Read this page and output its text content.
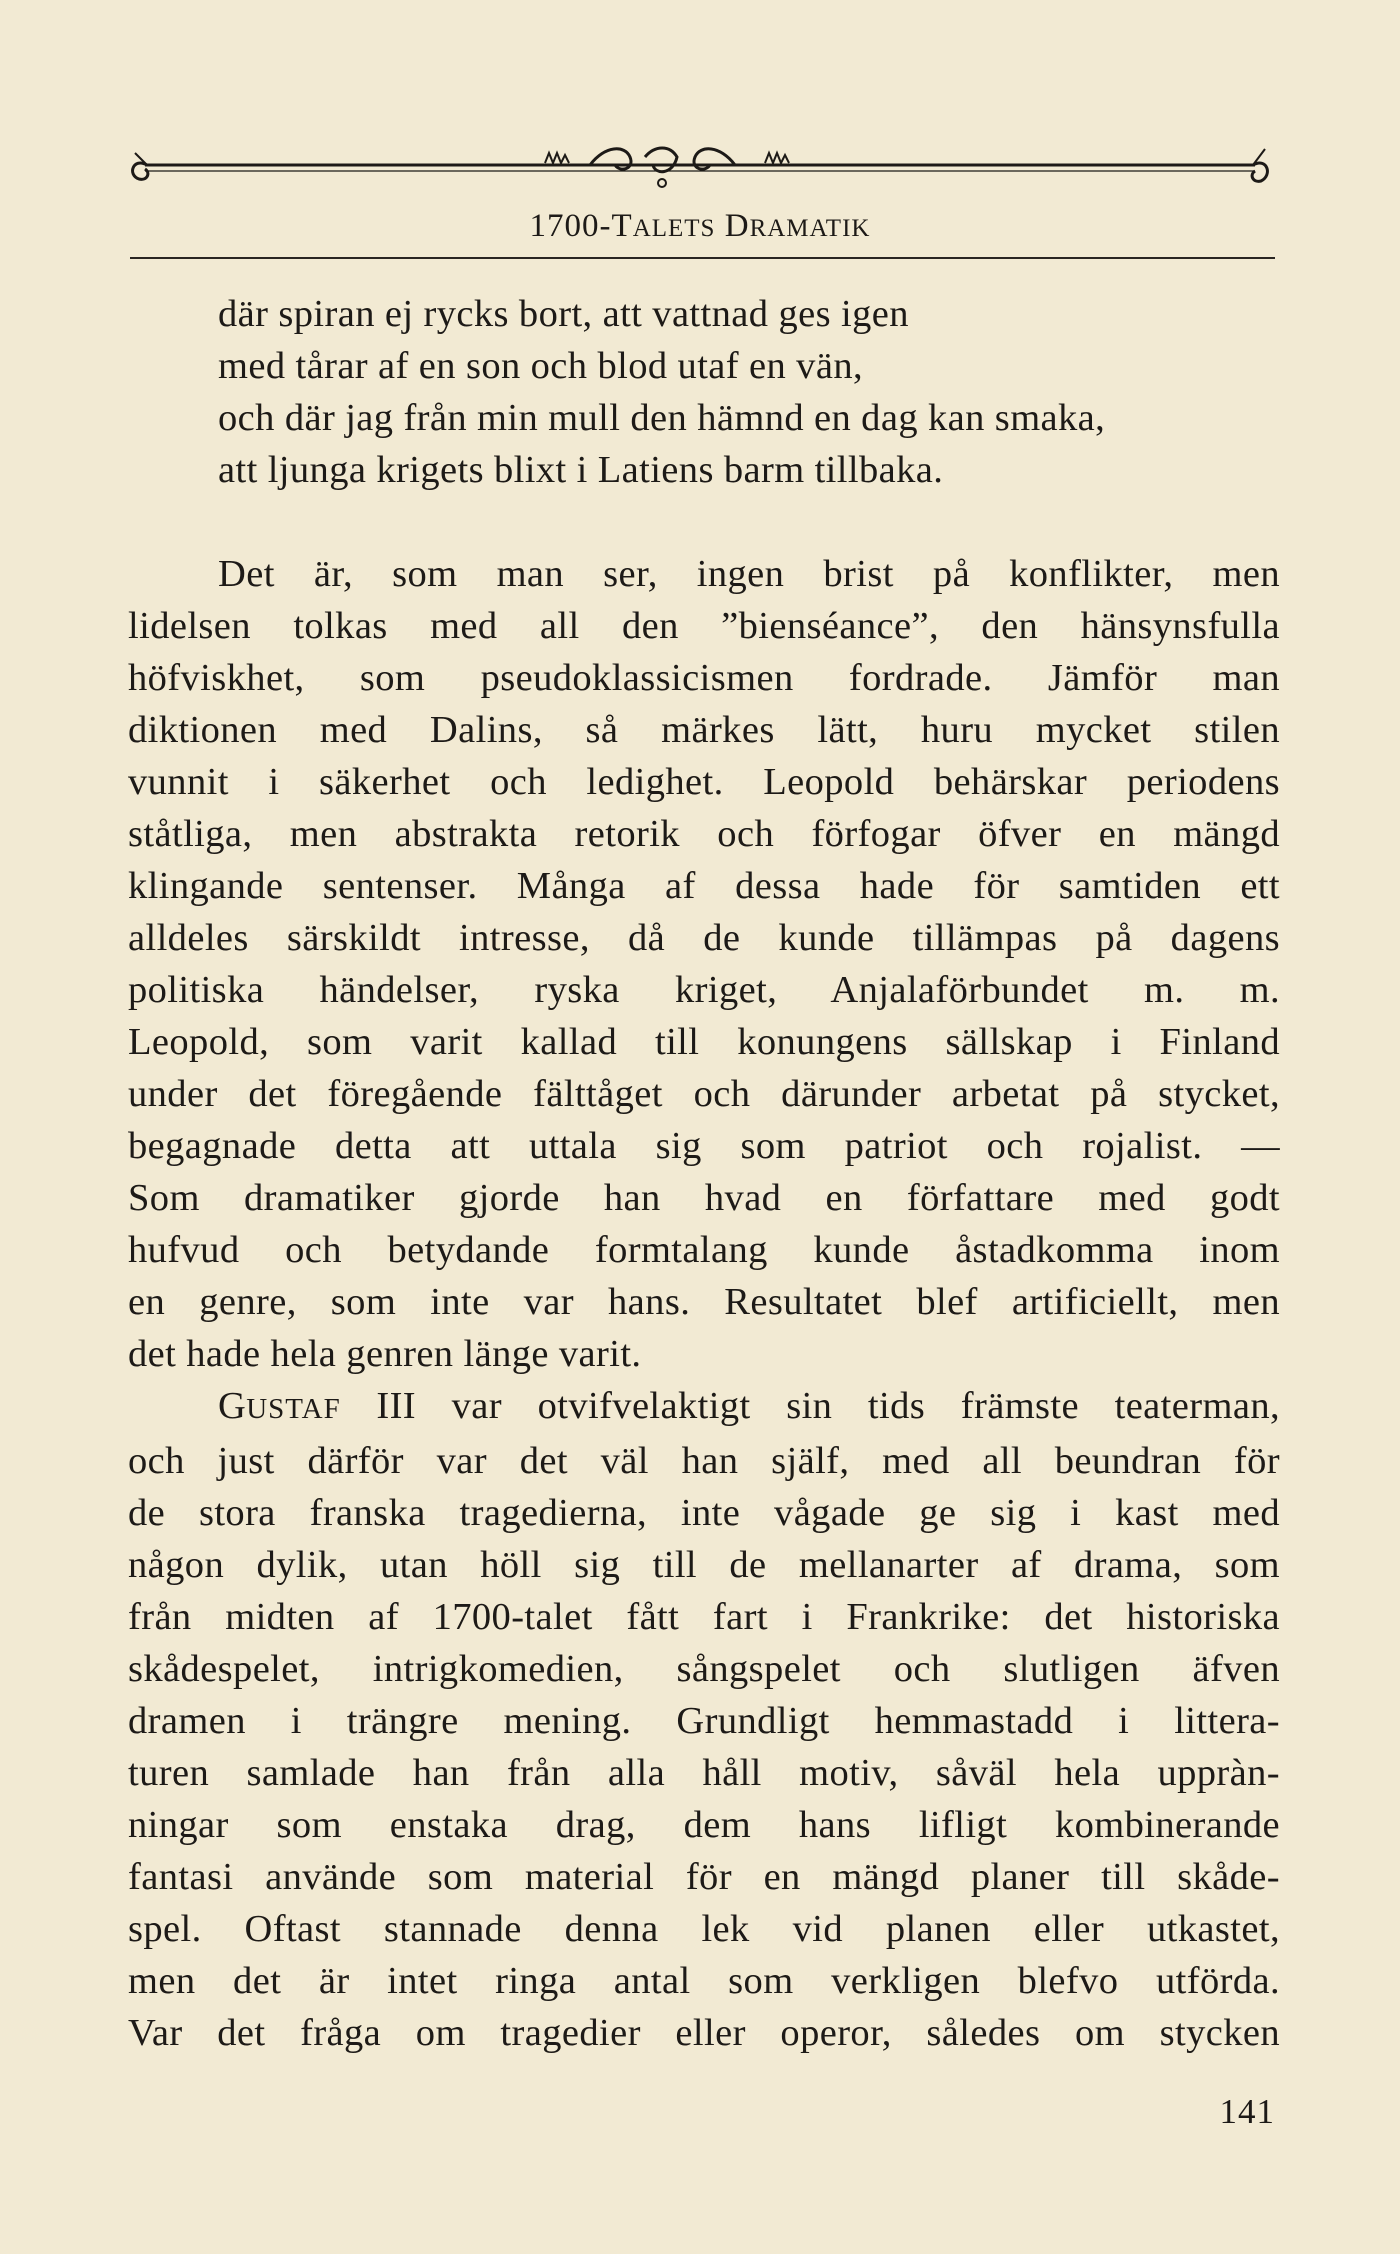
1700-TALETS DRAMATIK
där spiran ej rycks bort, att vattnad ges igen
med tårar af en son och blod utaf en vän,
och där jag från min mull den hämnd en dag kan smaka,
att ljunga krigets blixt i Latiens barm tillbaka.
Det är, som man ser, ingen brist på konflikter, men
lidelsen tolkas med all den ”bienséance”, den hänsynsfulla
höfviskhet, som pseudoklassicismen fordrade. Jämför man
diktionen med Dalins, så märkes lätt, huru mycket stilen
vunnit i säkerhet och ledighet. Leopold behärskar periodens
ståtliga, men abstrakta retorik och förfogar öfver en mängd
klingande sentenser. Många af dessa hade för samtiden ett
alldeles särskildt intresse, då de kunde tillämpas på dagens
politiska händelser, ryska kriget, Anjalaförbundet m. m.
Leopold, som varit kallad till konungens sällskap i Finland
under det föregående fälttåget och därunder arbetat på stycket,
begagnade detta att uttala sig som patriot och rojalist. —
Som dramatiker gjorde han hvad en författare med godt
hufvud och betydande formtalang kunde åstadkomma inom
en genre, som inte var hans. Resultatet blef artificiellt, men
det hade hela genren länge varit.
GUSTAF III var otvifvelaktigt sin tids främste teaterman,
och just därför var det väl han själf, med all beundran för
de stora franska tragedierna, inte vågade ge sig i kast med
någon dylik, utan höll sig till de mellanarter af drama, som
från midten af 1700-talet fått fart i Frankrike: det historiska
skådespelet, intrigkomedien, sångspelet och slutligen äfven
dramen i trängre mening. Grundligt hemmastadd i littera-
turen samlade han från alla håll motiv, såväl hela uppràn-
ningar som enstaka drag, dem hans lifligt kombinerande
fantasi använde som material för en mängd planer till skåde-
spel. Oftast stannade denna lek vid planen eller utkastet,
men det är intet ringa antal som verkligen blefvo utförda.
Var det fråga om tragedier eller operor, således om stycken
141
